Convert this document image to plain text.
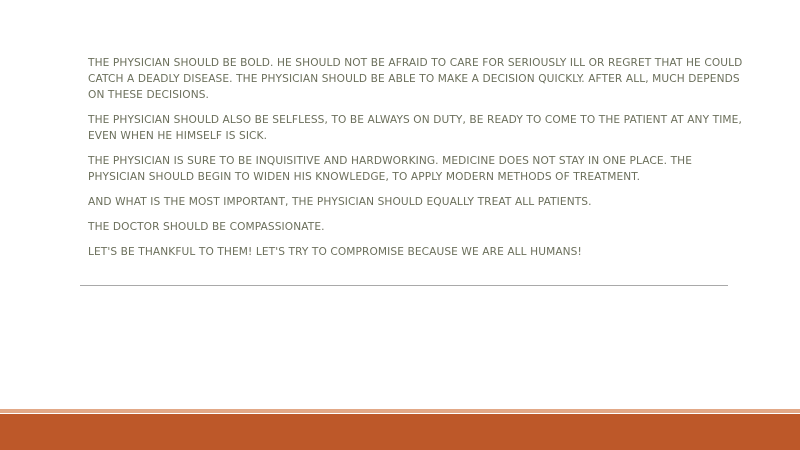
THE PHYSICIAN SHOULD BE BOLD. HE SHOULD NOT BE AFRAID TO CARE FOR SERIOUSLY ILL OR REGRET THAT HE COULD CATCH A DEADLY DISEASE. THE PHYSICIAN SHOULD BE ABLE TO MAKE A DECISION QUICKLY. AFTER ALL, MUCH DEPENDS ON THESE DECISIONS.

THE PHYSICIAN SHOULD ALSO BE SELFLESS, TO BE ALWAYS ON DUTY, BE READY TO COME TO THE PATIENT AT ANY TIME, EVEN WHEN HE HIMSELF IS SICK.

THE PHYSICIAN IS SURE TO BE INQUISITIVE AND HARDWORKING. MEDICINE DOES NOT STAY IN ONE PLACE. THE PHYSICIAN SHOULD BEGIN TO WIDEN HIS KNOWLEDGE, TO APPLY MODERN METHODS OF TREATMENT.

AND WHAT IS THE MOST IMPORTANT, THE PHYSICIAN SHOULD EQUALLY TREAT ALL PATIENTS.

THE DOCTOR SHOULD BE COMPASSIONATE.

LET'S BE THANKFUL TO THEM! LET'S TRY TO COMPROMISE BECAUSE WE ARE ALL HUMANS!
